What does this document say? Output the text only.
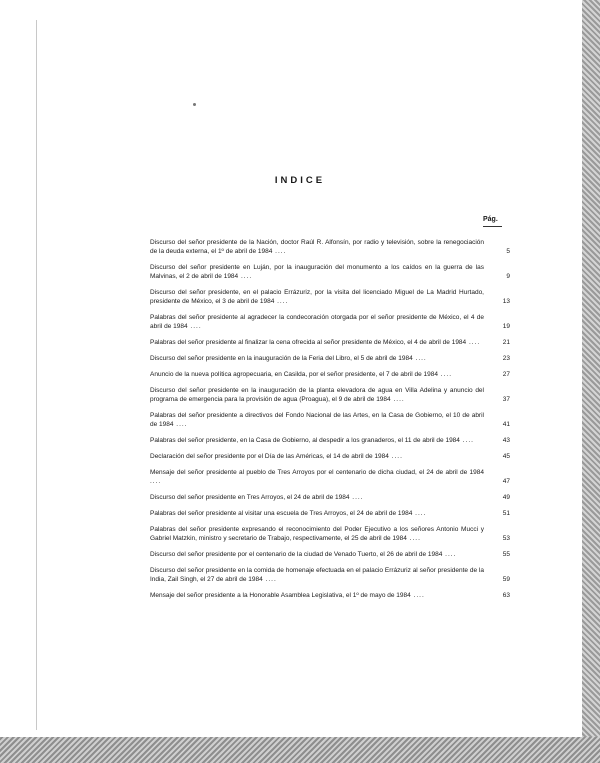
INDICE
Pág.
Discurso del señor presidente de la Nación, doctor Raúl R. Alfonsín, por radio y televisión, sobre la renegociación de la deuda externa, el 1º de abril de 1984 ....	5
Discurso del señor presidente en Luján, por la inauguración del monumento a los caídos en la guerra de las Malvinas, el 2 de abril de 1984 ....	9
Discurso del señor presidente, en el palacio Errázuriz, por la visita del licenciado Miguel de La Madrid Hurtado, presidente de México, el 3 de abril de 1984 ....	13
Palabras del señor presidente al agradecer la condecoración otorgada por el señor presidente de México, el 4 de abril de 1984 ....	19
Palabras del señor presidente al finalizar la cena ofrecida al señor presidente de México, el 4 de abril de 1984 ....	21
Discurso del señor presidente en la inauguración de la Feria del Libro, el 5 de abril de 1984 ....	23
Anuncio de la nueva política agropecuaria, en Casilda, por el señor presidente, el 7 de abril de 1984 ....	27
Discurso del señor presidente en la inauguración de la planta elevadora de agua en Villa Adelina y anuncio del programa de emergencia para la provisión de agua (Proagua), el 9 de abril de 1984 ....	37
Palabras del señor presidente a directivos del Fondo Nacional de las Artes, en la Casa de Gobierno, el 10 de abril de 1984 ....	41
Palabras del señor presidente, en la Casa de Gobierno, al despedir a los granaderos, el 11 de abril de 1984 ....	43
Declaración del señor presidente por el Día de las Américas, el 14 de abril de 1984 ....	45
Mensaje del señor presidente al pueblo de Tres Arroyos por el centenario de dicha ciudad, el 24 de abril de 1984 ....	47
Discurso del señor presidente en Tres Arroyos, el 24 de abril de 1984 ....	49
Palabras del señor presidente al visitar una escuela de Tres Arroyos, el 24 de abril de 1984 ....	51
Palabras del señor presidente expresando el reconocimiento del Poder Ejecutivo a los señores Antonio Mucci y Gabriel Matzkin, ministro y secretario de Trabajo, respectivamente, el 25 de abril de 1984 ....	53
Discurso del señor presidente por el centenario de la ciudad de Venado Tuerto, el 26 de abril de 1984 ....	55
Discurso del señor presidente en la comida de homenaje efectuada en el palacio Errázuriz al señor presidente de la India, Zail Singh, el 27 de abril de 1984 ....	59
Mensaje del señor presidente a la Honorable Asamblea Legislativa, el 1º de mayo de 1984 ....	63
